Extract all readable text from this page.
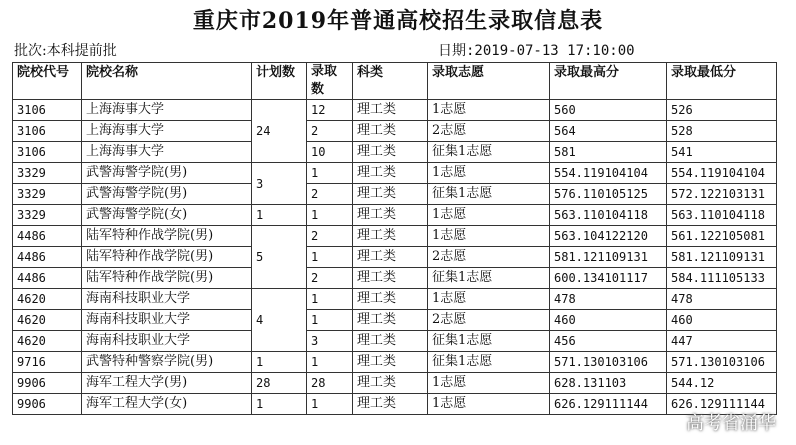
重庆市2019年普通高校招生录取信息表
批次:本科提前批	日期:2019-07-13 17:10:00
院校代号	院校名称	计划数	录取
数	科类	录取志愿	录取最高分	录取最低分
3106	上海海事大学	24	12	理工类	1志愿	560	526
3106	上海海事大学		2	理工类	2志愿	564	528
3106	上海海事大学		10	理工类	征集1志愿	581	541
3329	武警海警学院(男)	3	1	理工类	1志愿	554.119104104	554.119104104
3329	武警海警学院(男)		2	理工类	征集1志愿	576.110105125	572.122103131
3329	武警海警学院(女)	1	1	理工类	1志愿	563.110104118	563.110104118
4486	陆军特种作战学院(男)	5	2	理工类	1志愿	563.104122120	561.122105081
4486	陆军特种作战学院(男)		1	理工类	2志愿	581.121109131	581.121109131
4486	陆军特种作战学院(男)		2	理工类	征集1志愿	600.134101117	584.111105133
4620	海南科技职业大学	4	1	理工类	1志愿	478	478
4620	海南科技职业大学		1	理工类	2志愿	460	460
4620	海南科技职业大学		3	理工类	征集1志愿	456	447
9716	武警特种警察学院(男)	1	1	理工类	征集1志愿	571.130103106	571.130103106
9906	海军工程大学(男)	28	28	理工类	1志愿	628.131103	544.12
9906	海军工程大学(女)	1	1	理工类	1志愿	626.129111144	626.129111144
高考省涌华
